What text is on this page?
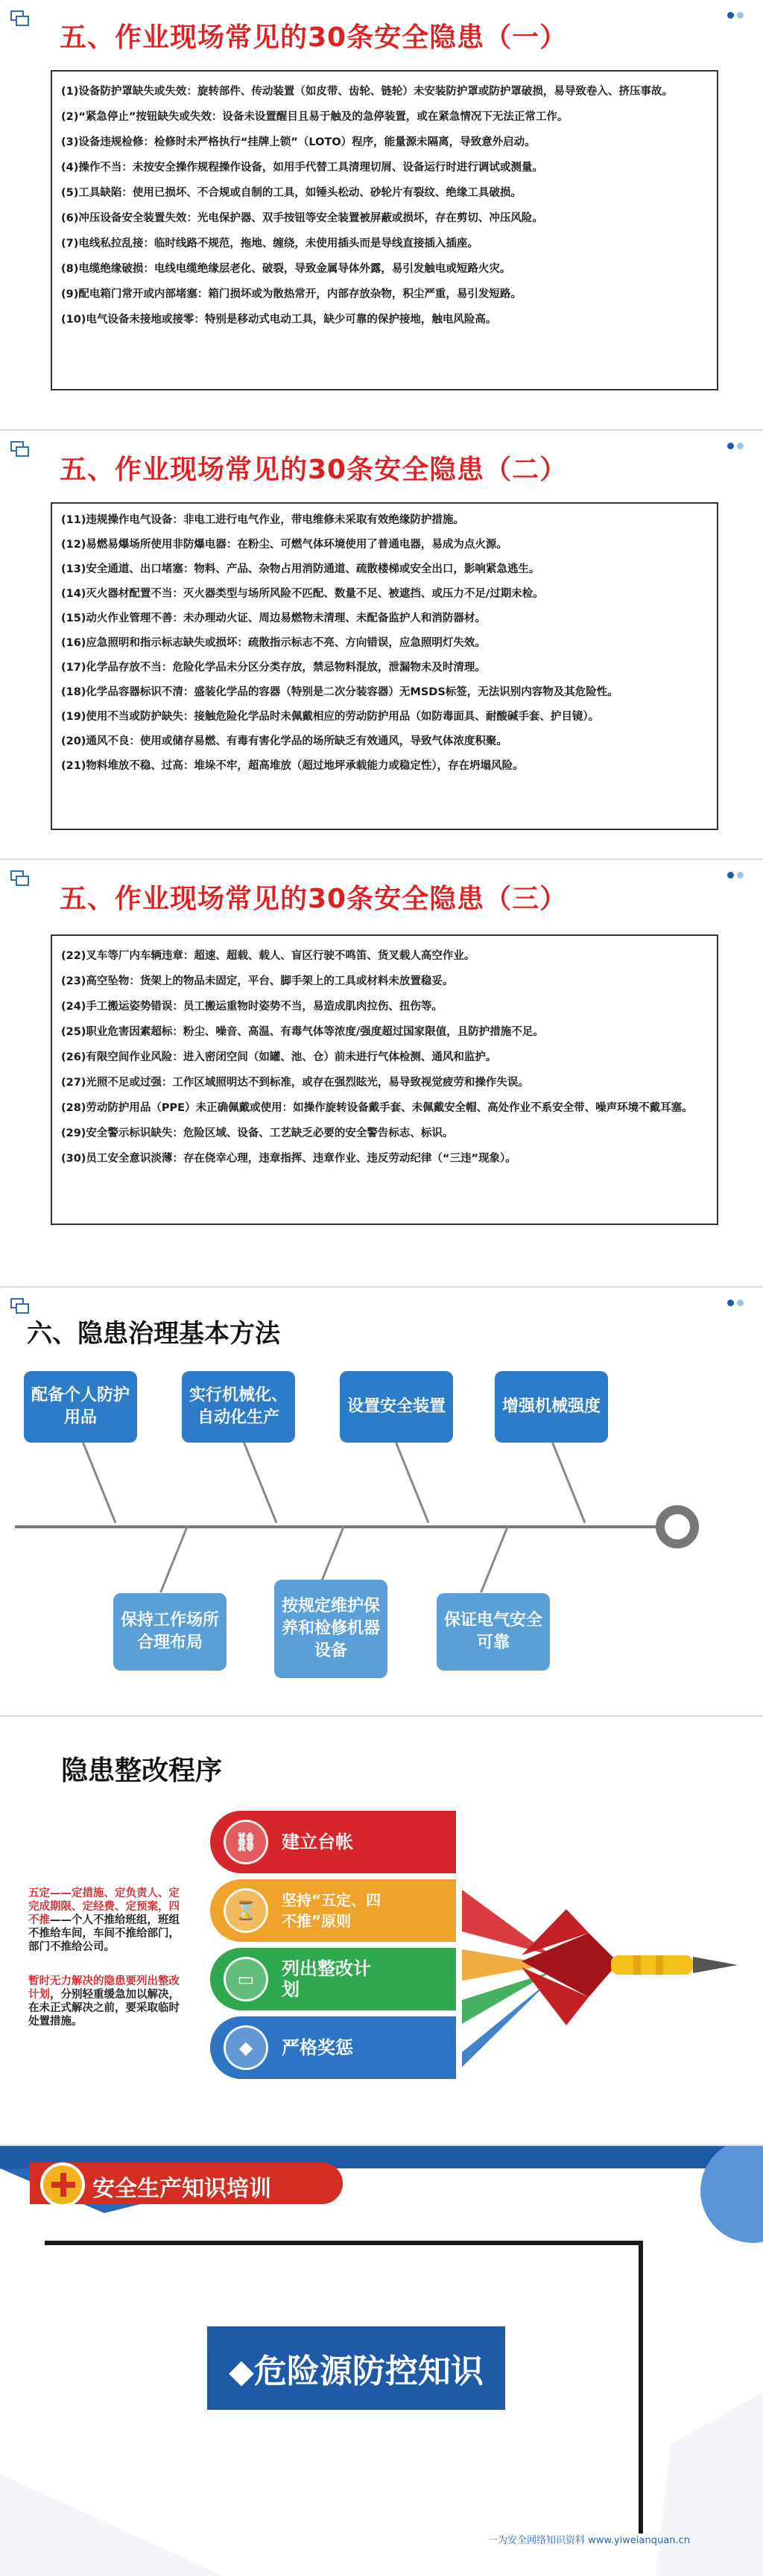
五、作业现场常见的30条安全隐患（一）
(1)设备防护罩缺失或失效：旋转部件、传动装置（如皮带、齿轮、链轮）未安装防护罩或防护罩破损，易导致卷入、挤压事故。
(2)“紧急停止”按钮缺失或失效：设备未设置醒目且易于触及的急停装置，或在紧急情况下无法正常工作。
(3)设备违规检修：检修时未严格执行“挂牌上锁”（LOTO）程序，能量源未隔离，导致意外启动。
(4)操作不当：未按安全操作规程操作设备，如用手代替工具清理切屑、设备运行时进行调试或测量。
(5)工具缺陷：使用已损坏、不合规或自制的工具，如锤头松动、砂轮片有裂纹、绝缘工具破损。
(6)冲压设备安全装置失效：光电保护器、双手按钮等安全装置被屏蔽或损坏，存在剪切、冲压风险。
(7)电线私拉乱接：临时线路不规范，拖地、缠绕，未使用插头而是导线直接插入插座。
(8)电缆绝缘破损：电线电缆绝缘层老化、破裂，导致金属导体外露，易引发触电或短路火灾。
(9)配电箱门常开或内部堵塞：箱门损坏或为散热常开，内部存放杂物，积尘严重，易引发短路。
(10)电气设备未接地或接零：特别是移动式电动工具，缺少可靠的保护接地，触电风险高。
五、作业现场常见的30条安全隐患（二）
(11)违规操作电气设备：非电工进行电气作业，带电维修未采取有效绝缘防护措施。
(12)易燃易爆场所使用非防爆电器：在粉尘、可燃气体环境使用了普通电器，易成为点火源。
(13)安全通道、出口堵塞：物料、产品、杂物占用消防通道、疏散楼梯或安全出口，影响紧急逃生。
(14)灭火器材配置不当：灭火器类型与场所风险不匹配、数量不足、被遮挡、或压力不足/过期未检。
(15)动火作业管理不善：未办理动火证、周边易燃物未清理、未配备监护人和消防器材。
(16)应急照明和指示标志缺失或损坏：疏散指示标志不亮、方向错误，应急照明灯失效。
(17)化学品存放不当：危险化学品未分区分类存放，禁忌物料混放，泄漏物未及时清理。
(18)化学品容器标识不清：盛装化学品的容器（特别是二次分装容器）无MSDS标签，无法识别内容物及其危险性。
(19)使用不当或防护缺失：接触危险化学品时未佩戴相应的劳动防护用品（如防毒面具、耐酸碱手套、护目镜）。
(20)通风不良：使用或储存易燃、有毒有害化学品的场所缺乏有效通风，导致气体浓度积聚。
(21)物料堆放不稳、过高：堆垛不牢，超高堆放（超过地坪承载能力或稳定性），存在坍塌风险。
五、作业现场常见的30条安全隐患（三）
(22)叉车等厂内车辆违章：超速、超载、载人、盲区行驶不鸣笛、货叉载人高空作业。
(23)高空坠物：货架上的物品未固定，平台、脚手架上的工具或材料未放置稳妥。
(24)手工搬运姿势错误：员工搬运重物时姿势不当，易造成肌肉拉伤、扭伤等。
(25)职业危害因素超标：粉尘、噪音、高温、有毒气体等浓度/强度超过国家限值，且防护措施不足。
(26)有限空间作业风险：进入密闭空间（如罐、池、仓）前未进行气体检测、通风和监护。
(27)光照不足或过强：工作区域照明达不到标准，或存在强烈眩光，易导致视觉疲劳和操作失误。
(28)劳动防护用品（PPE）未正确佩戴或使用：如操作旋转设备戴手套、未佩戴安全帽、高处作业不系安全带、噪声环境不戴耳塞。
(29)安全警示标识缺失：危险区域、设备、工艺缺乏必要的安全警告标志、标识。
(30)员工安全意识淡薄：存在侥幸心理，违章指挥、违章作业、违反劳动纪律（“三违”现象）。
六、隐患治理基本方法
配备个人防护用品
实行机械化、自动化生产
设置安全装置	增强机械强度
保持工作场所合理布局
按规定维护保养和检修机器设备
保证电气安全可靠
隐患整改程序
五定——定措施、定负责人、定完成期限、定经费、定预案，四不推——个人不推给班组，班组不推给车间，车间不推给部门，部门不推给公司。
暂时无力解决的隐患要列出整改计划，分别轻重缓急加以解决，在未正式解决之前，要采取临时处置措施。
⛓	建立台帐
⌛	坚持“五定、四不推”原则
▭	列出整改计划
◆	严格奖惩
安全生产知识培训
◆危险源防控知识
一为安全网络知识资料 www.yiweianquan.cn
